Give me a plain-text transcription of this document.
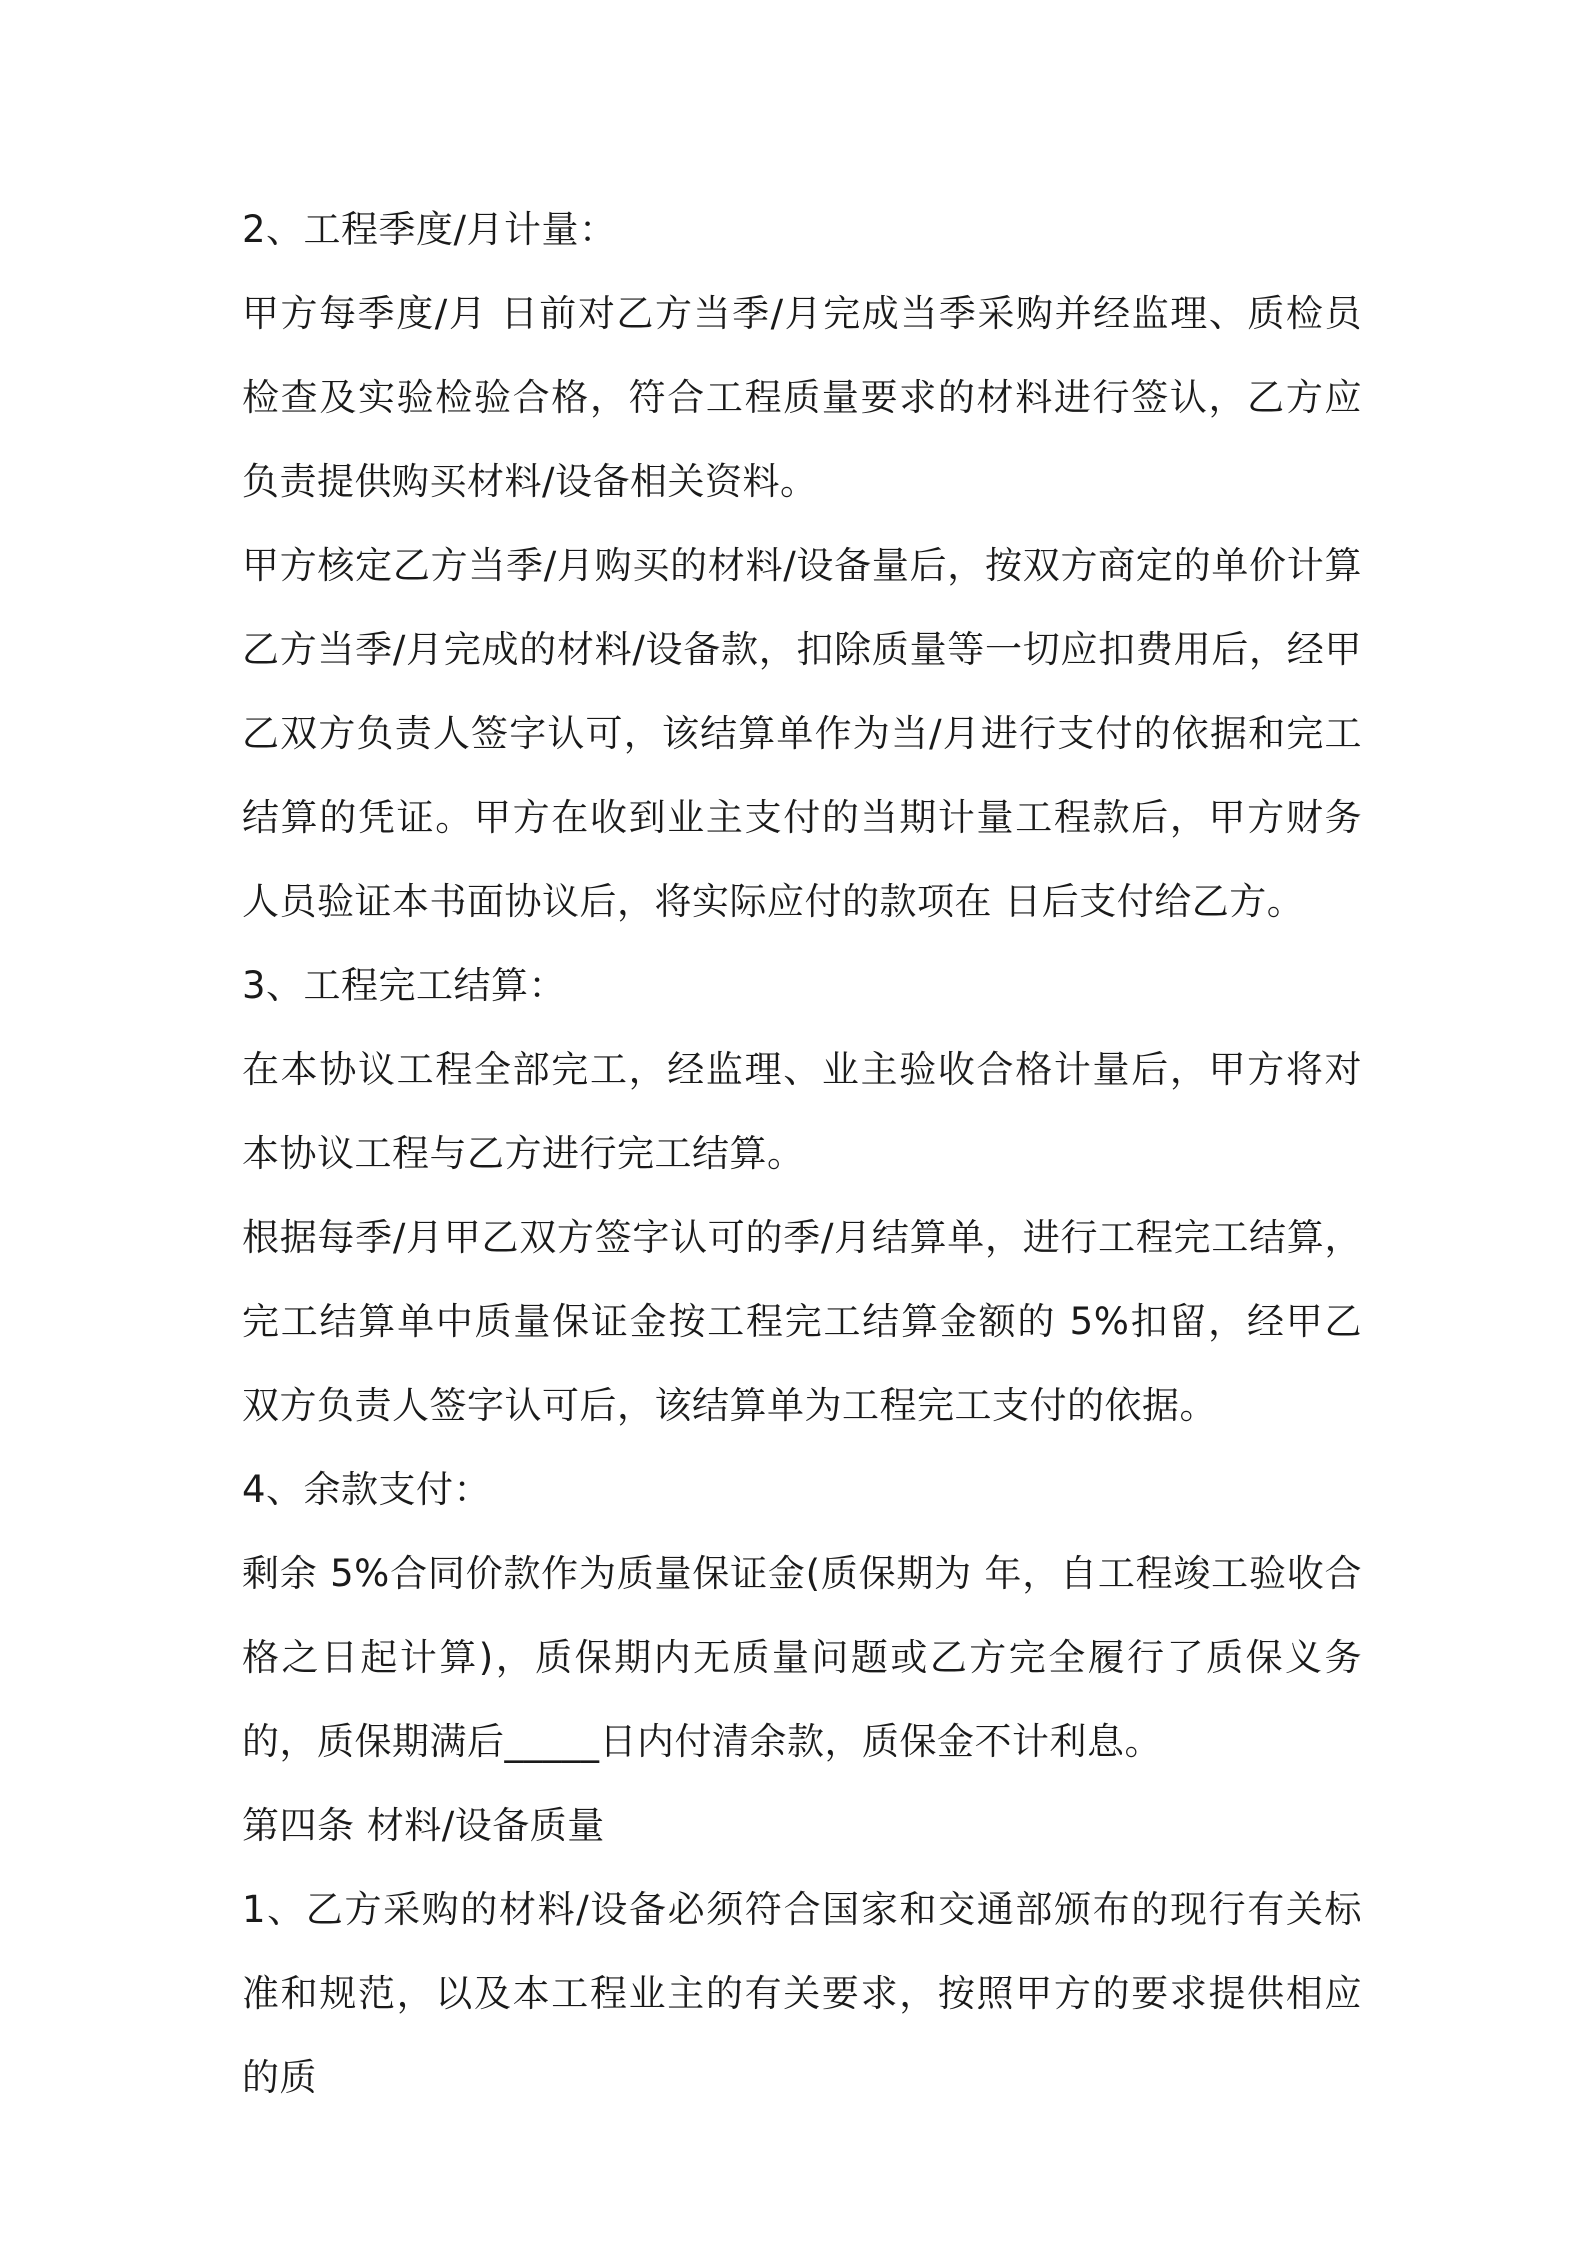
2、工程季度/月计量：

甲方每季度/月 日前对乙方当季/月完成当季采购并经监理、质检员检查及实验检验合格，符合工程质量要求的材料进行签认，乙方应负责提供购买材料/设备相关资料。

甲方核定乙方当季/月购买的材料/设备量后，按双方商定的单价计算乙方当季/月完成的材料/设备款，扣除质量等一切应扣费用后，经甲乙双方负责人签字认可，该结算单作为当/月进行支付的依据和完工结算的凭证。甲方在收到业主支付的当期计量工程款后，甲方财务人员验证本书面协议后，将实际应付的款项在 日后支付给乙方。

3、工程完工结算：

在本协议工程全部完工，经监理、业主验收合格计量后，甲方将对本协议工程与乙方进行完工结算。

根据每季/月甲乙双方签字认可的季/月结算单，进行工程完工结算，完工结算单中质量保证金按工程完工结算金额的 5%扣留，经甲乙双方负责人签字认可后，该结算单为工程完工支付的依据。

4、余款支付：

剩余 5%合同价款作为质量保证金(质保期为 年，自工程竣工验收合格之日起计算)，质保期内无质量问题或乙方完全履行了质保义务的，质保期满后_____日内付清余款，质保金不计利息。

第四条 材料/设备质量

1、乙方采购的材料/设备必须符合国家和交通部颁布的现行有关标准和规范，以及本工程业主的有关要求，按照甲方的要求提供相应的质
